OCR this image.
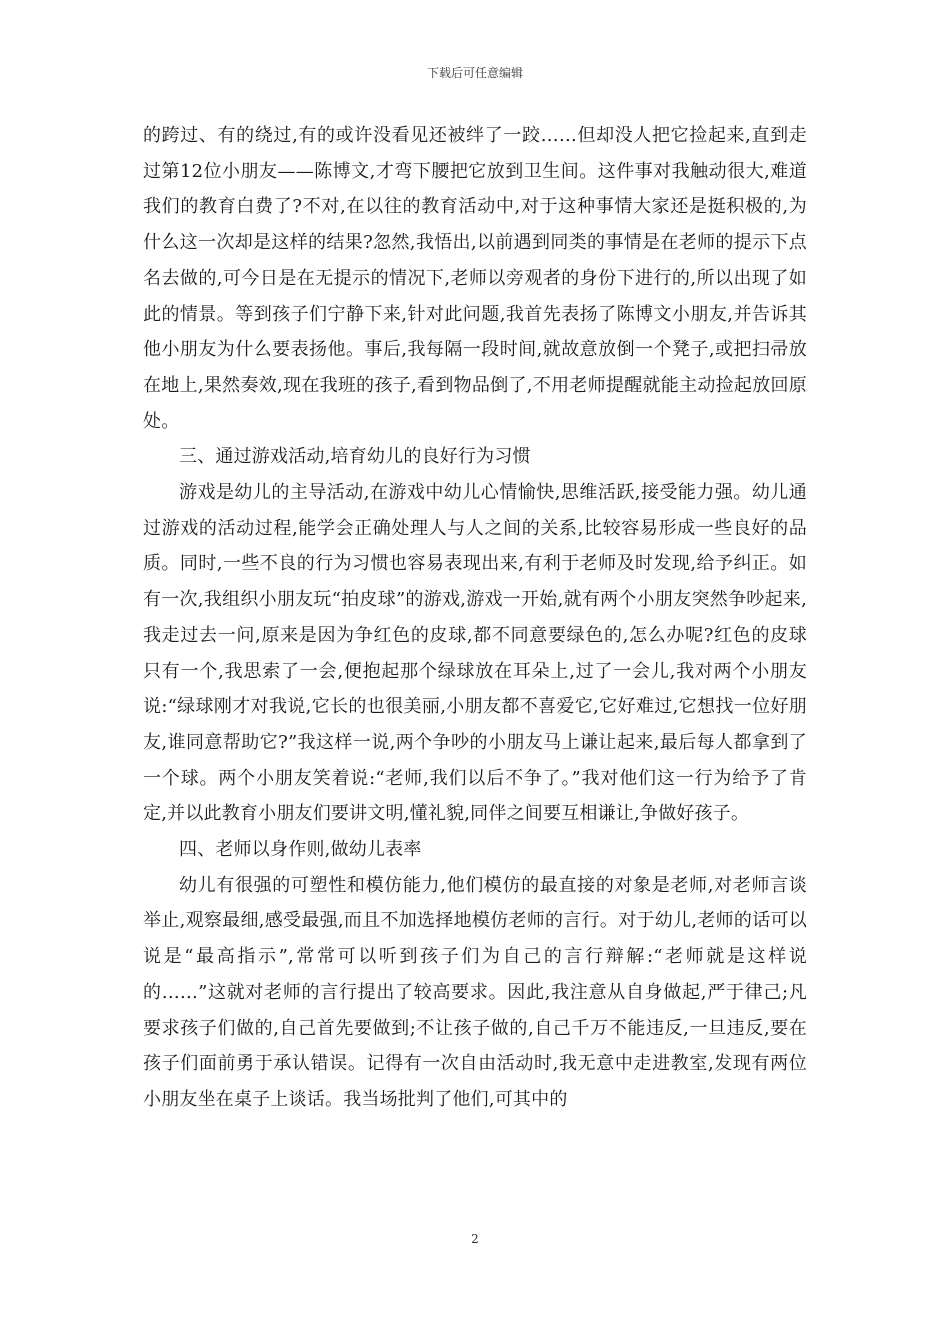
下载后可任意编辑

的跨过、有的绕过,有的或许没看见还被绊了一跤……但却没人把它捡起来,直到走过第12位小朋友——陈博文,才弯下腰把它放到卫生间。这件事对我触动很大,难道我们的教育白费了?不对,在以往的教育活动中,对于这种事情大家还是挺积极的,为什么这一次却是这样的结果?忽然,我悟出,以前遇到同类的事情是在老师的提示下点名去做的,可今日是在无提示的情况下,老师以旁观者的身份下进行的,所以出现了如此的情景。等到孩子们宁静下来,针对此问题,我首先表扬了陈博文小朋友,并告诉其他小朋友为什么要表扬他。事后,我每隔一段时间,就故意放倒一个凳子,或把扫帚放在地上,果然奏效,现在我班的孩子,看到物品倒了,不用老师提醒就能主动捡起放回原处。

三、通过游戏活动,培育幼儿的良好行为习惯

游戏是幼儿的主导活动,在游戏中幼儿心情愉快,思维活跃,接受能力强。幼儿通过游戏的活动过程,能学会正确处理人与人之间的关系,比较容易形成一些良好的品质。同时,一些不良的行为习惯也容易表现出来,有利于老师及时发现,给予纠正。如有一次,我组织小朋友玩“拍皮球”的游戏,游戏一开始,就有两个小朋友突然争吵起来,我走过去一问,原来是因为争红色的皮球,都不同意要绿色的,怎么办呢?红色的皮球只有一个,我思索了一会,便抱起那个绿球放在耳朵上,过了一会儿,我对两个小朋友说:“绿球刚才对我说,它长的也很美丽,小朋友都不喜爱它,它好难过,它想找一位好朋友,谁同意帮助它?”我这样一说,两个争吵的小朋友马上谦让起来,最后每人都拿到了一个球。两个小朋友笑着说:“老师,我们以后不争了。”我对他们这一行为给予了肯定,并以此教育小朋友们要讲文明,懂礼貌,同伴之间要互相谦让,争做好孩子。

四、老师以身作则,做幼儿表率

幼儿有很强的可塑性和模仿能力,他们模仿的最直接的对象是老师,对老师言谈举止,观察最细,感受最强,而且不加选择地模仿老师的言行。对于幼儿,老师的话可以说是“最高指示”,常常可以听到孩子们为自己的言行辩解:“老师就是这样说的……”这就对老师的言行提出了较高要求。因此,我注意从自身做起,严于律己;凡要求孩子们做的,自己首先要做到;不让孩子做的,自己千万不能违反,一旦违反,要在孩子们面前勇于承认错误。记得有一次自由活动时,我无意中走进教室,发现有两位小朋友坐在桌子上谈话。我当场批判了他们,可其中的

2
